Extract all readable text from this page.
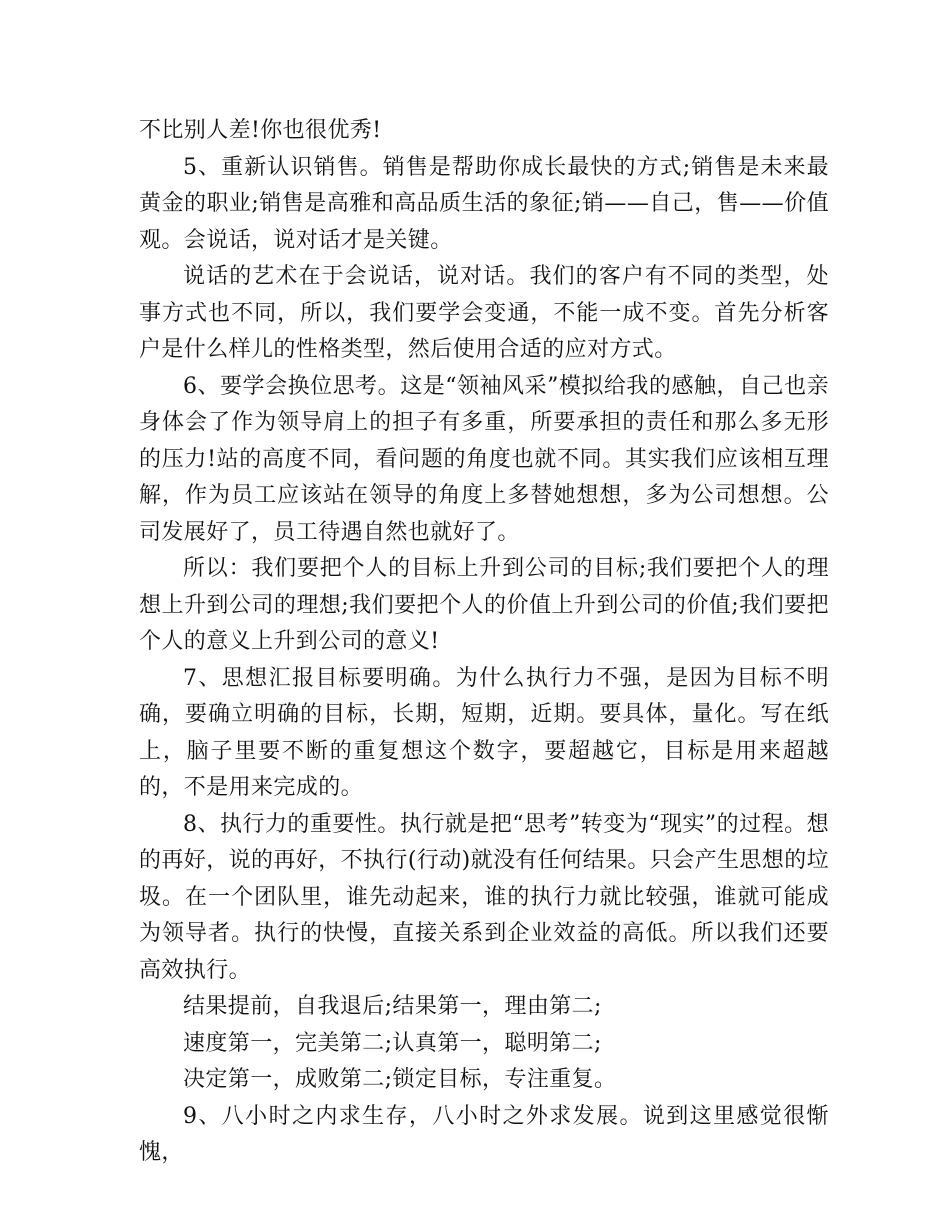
不比别人差!你也很优秀!

5、重新认识销售。销售是帮助你成长最快的方式;销售是未来最黄金的职业;销售是高雅和高品质生活的象征;销——自己，售——价值观。会说话，说对话才是关键。

说话的艺术在于会说话，说对话。我们的客户有不同的类型，处事方式也不同，所以，我们要学会变通，不能一成不变。首先分析客户是什么样儿的性格类型，然后使用合适的应对方式。

6、要学会换位思考。这是“领袖风采”模拟给我的感触，自己也亲身体会了作为领导肩上的担子有多重，所要承担的责任和那么多无形的压力!站的高度不同，看问题的角度也就不同。其实我们应该相互理解，作为员工应该站在领导的角度上多替她想想，多为公司想想。公司发展好了，员工待遇自然也就好了。

所以：我们要把个人的目标上升到公司的目标;我们要把个人的理想上升到公司的理想;我们要把个人的价值上升到公司的价值;我们要把个人的意义上升到公司的意义!

7、思想汇报目标要明确。为什么执行力不强，是因为目标不明确，要确立明确的目标，长期，短期，近期。要具体，量化。写在纸上，脑子里要不断的重复想这个数字，要超越它，目标是用来超越的，不是用来完成的。

8、执行力的重要性。执行就是把“思考”转变为“现实”的过程。想的再好，说的再好，不执行(行动)就没有任何结果。只会产生思想的垃圾。在一个团队里，谁先动起来，谁的执行力就比较强，谁就可能成为领导者。执行的快慢，直接关系到企业效益的高低。所以我们还要高效执行。

结果提前，自我退后;结果第一，理由第二;

速度第一，完美第二;认真第一，聪明第二;

决定第一，成败第二;锁定目标，专注重复。

9、八小时之内求生存，八小时之外求发展。说到这里感觉很惭愧，
